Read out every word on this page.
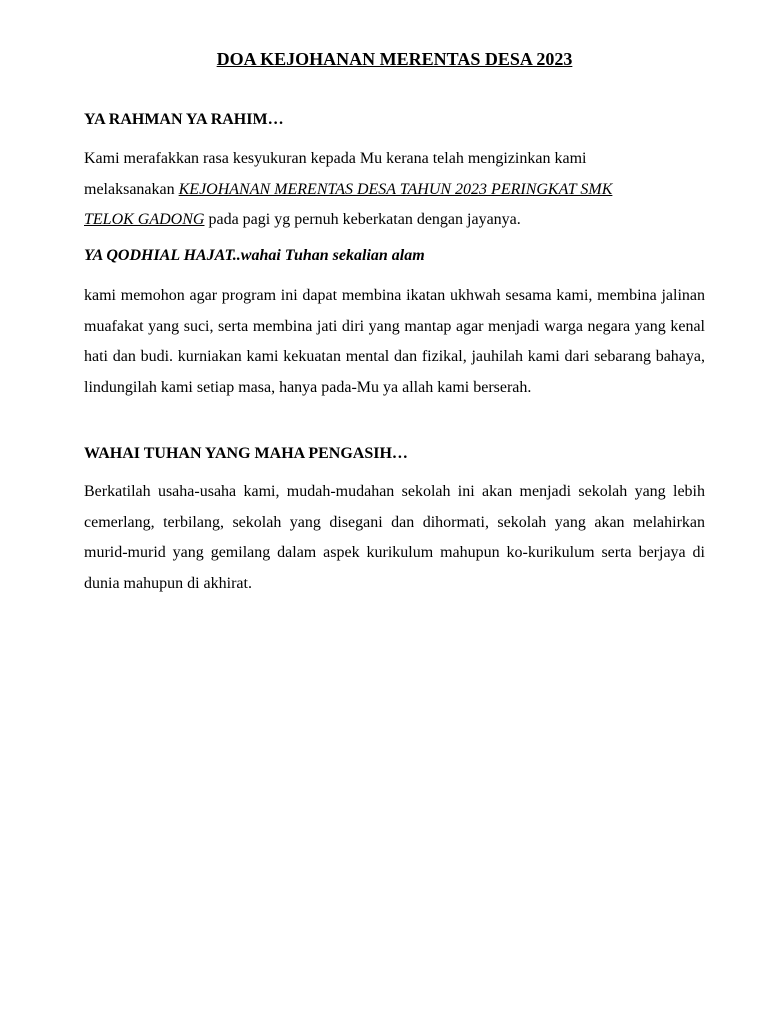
DOA KEJOHANAN MERENTAS DESA 2023

YA RAHMAN YA RAHIM…

Kami merafakkan rasa kesyukuran kepada Mu kerana telah mengizinkan kami
melaksanakan KEJOHANAN MERENTAS DESA TAHUN 2023 PERINGKAT SMK
TELOK GADONG pada pagi yg pernuh keberkatan dengan jayanya.

YA QODHIAL HAJAT..wahai Tuhan sekalian alam

kami memohon agar program ini dapat membina ikatan ukhwah sesama kami, membina jalinan muafakat yang suci, serta membina jati diri yang mantap agar menjadi warga negara yang kenal hati dan budi. kurniakan kami kekuatan mental dan fizikal, jauhilah kami dari sebarang bahaya, lindungilah kami setiap masa, hanya pada-Mu ya allah kami berserah.

WAHAI TUHAN YANG MAHA PENGASIH…

Berkatilah usaha-usaha kami, mudah-mudahan sekolah ini akan menjadi sekolah yang lebih cemerlang, terbilang, sekolah yang disegani dan dihormati, sekolah yang akan melahirkan murid-murid yang gemilang dalam aspek kurikulum mahupun ko-kurikulum serta berjaya di dunia mahupun di akhirat.
